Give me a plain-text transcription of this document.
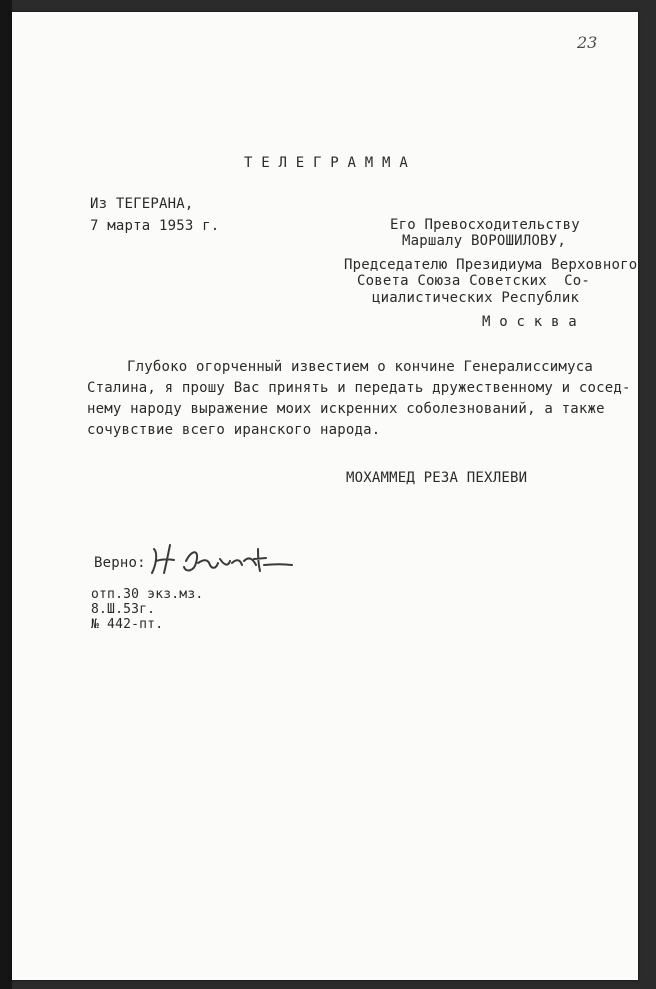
23
Т Е Л Е Г Р А М М А
Из ТЕГЕРАНА,
7 марта 1953 г.	Его Превосходительству
Маршалу ВОРОШИЛОВУ,
Председателю Президиума Верховного
Совета Союза Советских  Со-
циалистических Республик
М о с к в а
Глубоко огорченный известием о кончине Генералиссимуса
Сталина, я прошу Вас принять и передать дружественному и сосед-
нему народу выражение моих искренних соболезнований, а также
сочувствие всего иранского народа.
МОХАММЕД РЕЗА ПЕХЛЕВИ
Верно:
отп.30 экз.мз.
8.Ш.53г.
№ 442-пт.
